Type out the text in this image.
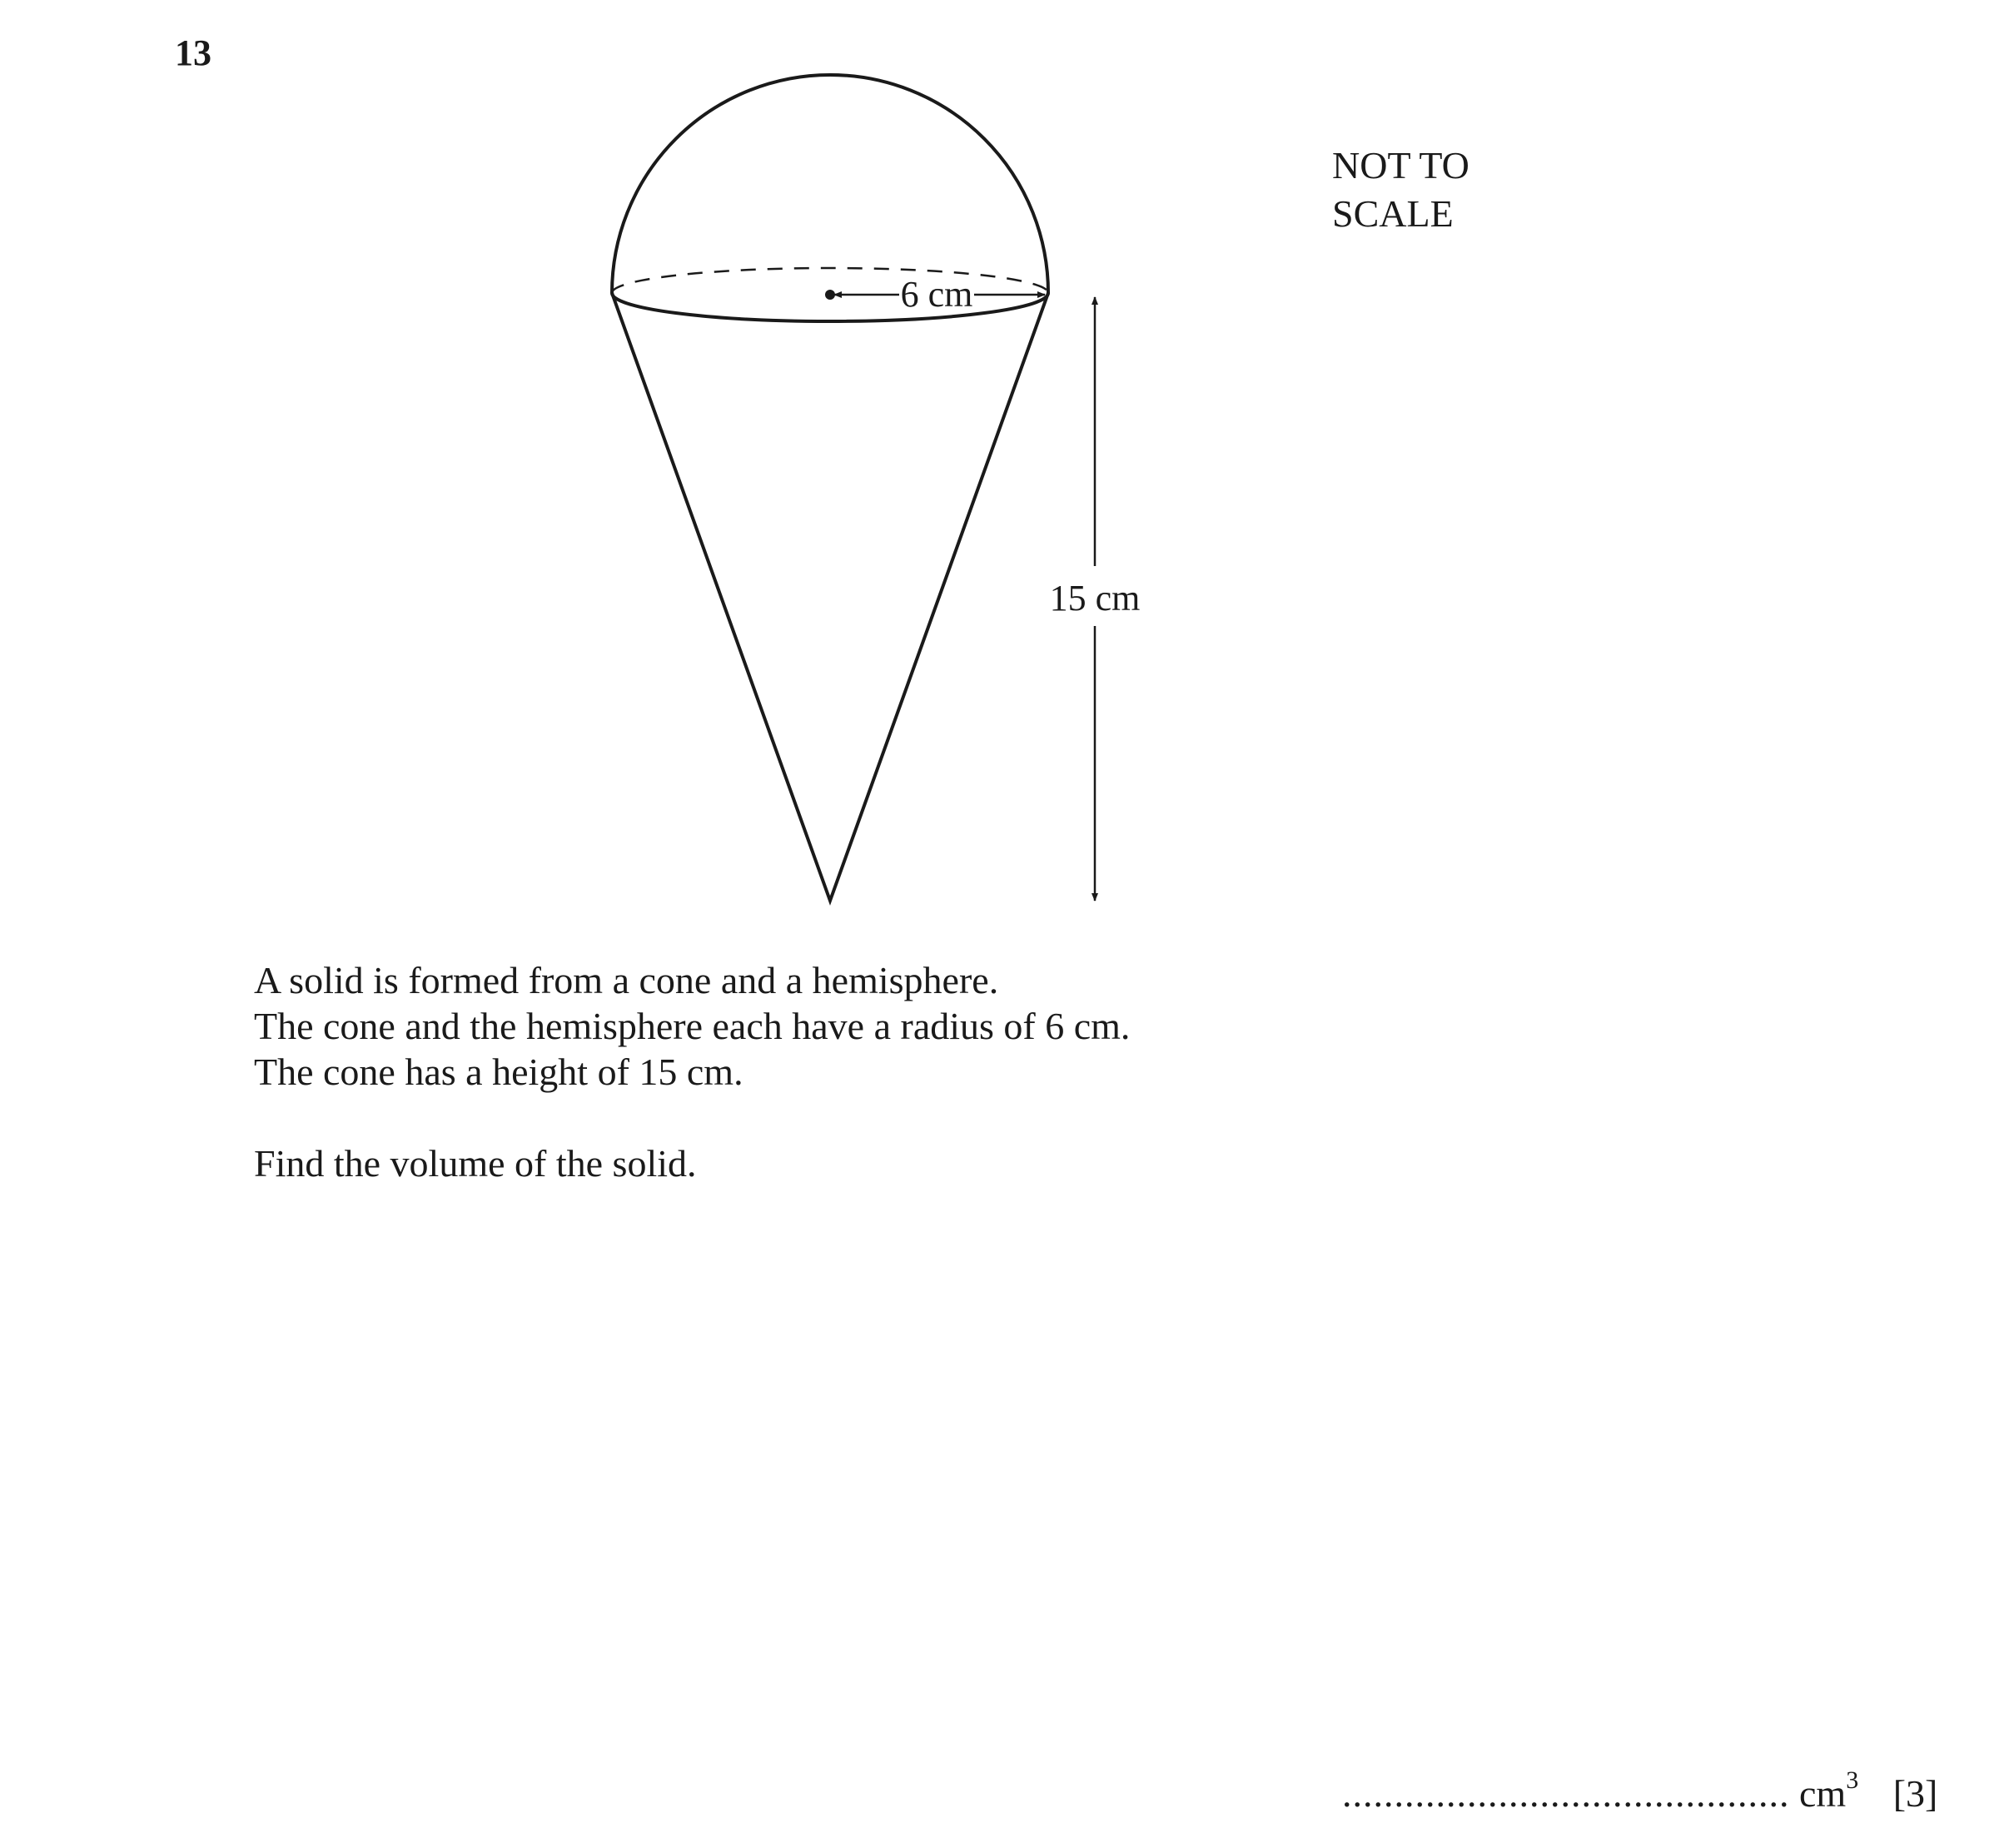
13
6 cm
15 cm
NOT TO
SCALE

A solid is formed from a cone and a hemisphere.

The cone and the hemisphere each have a radius of 6 cm.

The cone has a height of 15 cm.

Find the volume of the solid.

........................................... $cm^3$ [3]
